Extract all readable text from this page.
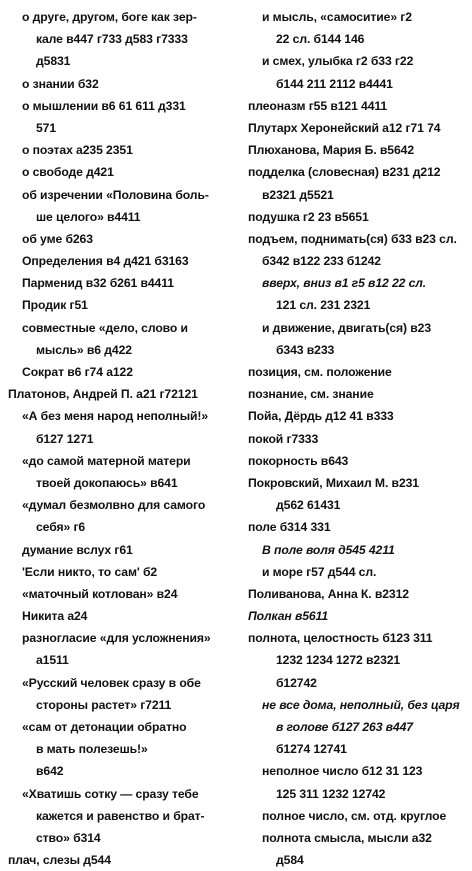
о друге, другом, боге как зер-
кале в447 г733 д583 г7333
д5831
о знании б32
о мышлении в6 61 611 д331
571
о поэтах а235 2351
о свободе д421
об изречении «Половина боль-
ше целого» в4411
об уме б263
Определения в4 д421 б3163
Парменид в32 б261 в4411
Продик г51
совместные «дело, слово и
мысль» в6 д422
Сократ в6 г74 а122
Платонов, Андрей П. а21 г72121
«А без меня народ неполный!»
б127 1271
«до самой матерной матери
твоей докопаюсь» в641
«думал безмолвно для самого
себя» г6
думание вслух г61
'Если никто, то сам' б2
«маточный котлован» в24
Никита а24
разногласие «для усложнения»
а1511
«Русский человек сразу в обе
стороны растет» г7211
«сам от детонации обратно
в мать полезешь!»
в642
«Хватишь сотку — сразу тебе
кажется и равенство и брат-
ство» б314
плач, слезы д544
и мысль, «самоситие» г2
22 сл. б144 146
и смех, улыбка г2 б33 г22
б144 211 2112 в4441
плеоназм г55 в121 4411
Плутарх Херонейский а12 г71 74
Плюханова, Мария Б. в5642
подделка (словесная) в231 д212
в2321 д5521
подушка г2 23 в5651
подъем, поднимать(ся) б33 в23 сл.
б342 в122 233 б1242
вверх, вниз в1 г5 в12 22 сл.
121 сл. 231 2321
и движение, двигать(ся) в23
б343 в233
позиция, см. положение
познание, см. знание
Пойа, Дёрдь д12 41 в333
покой г7333
покорность в643
Покровский, Михаил М. в231
д562 61431
поле б314 331
В поле воля д545 4211
и море г57 д544 сл.
Поливанова, Анна К. в2312
Полкан в5611
полнота, целостность б123 311
1232 1234 1272 в2321
б12742
не все дома, неполный, без царя
в голове б127 263 в447
б1274 12741
неполное число б12 31 123
125 311 1232 12742
полное число, см. отд. круглое
полнота смысла, мысли а32
д584
